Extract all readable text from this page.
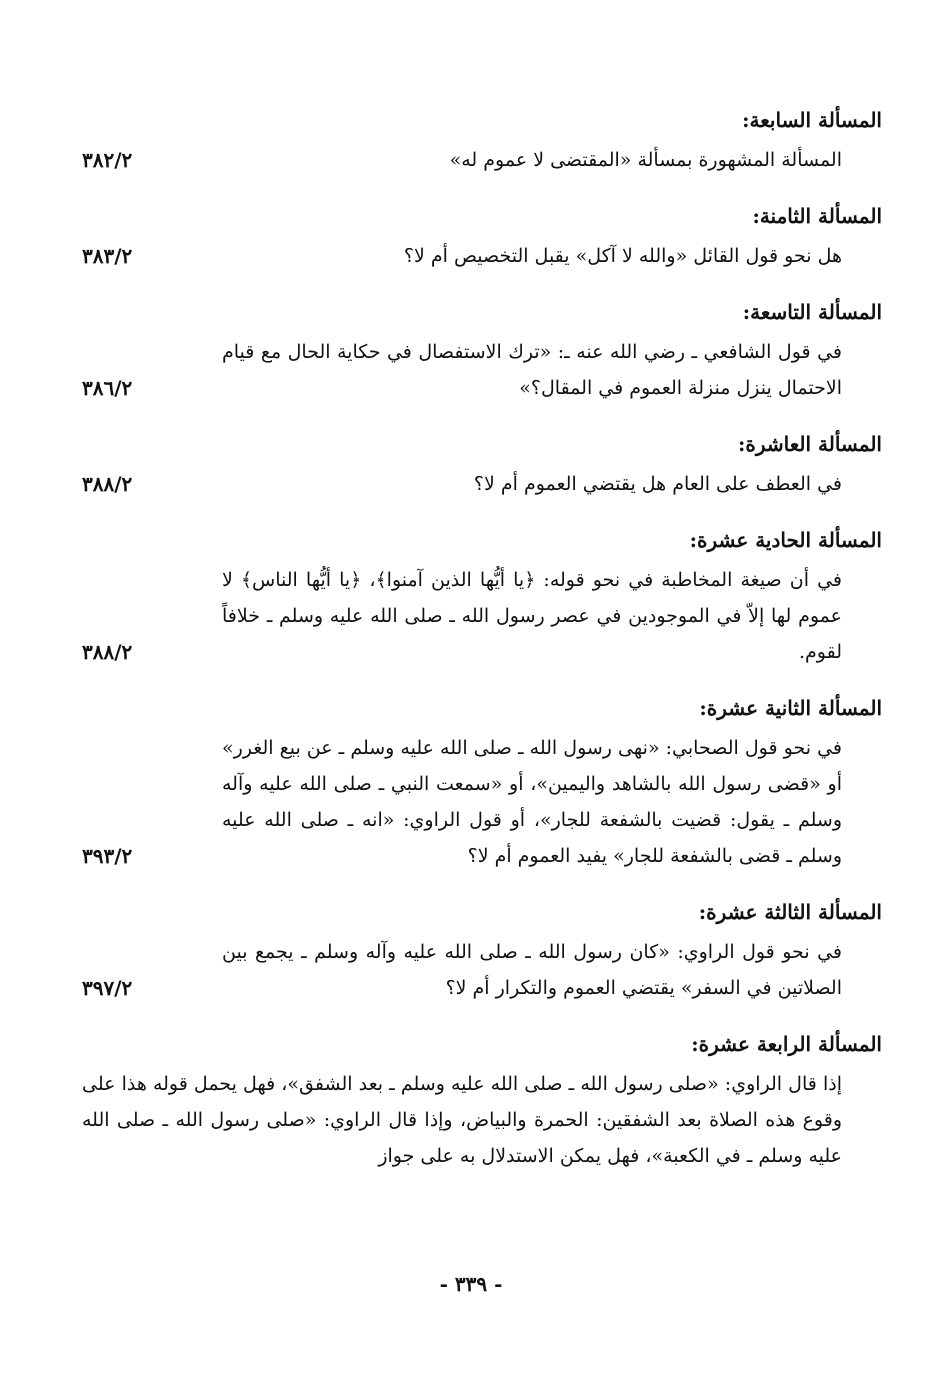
المسألة السابعة:
المسألة المشهورة بمسألة «المقتضى لا عموم له»
٣٨٢/٢
المسألة الثامنة:
هل نحو قول القائل «والله لا آكل» يقبل التخصيص أم لا؟
٣٨٣/٢
المسألة التاسعة:
في قول الشافعي ـ رضي الله عنه ـ: «ترك الاستفصال في حكاية الحال مع قيام الاحتمال ينزل منزلة العموم في المقال؟»
٣٨٦/٢
المسألة العاشرة:
في العطف على العام هل يقتضي العموم أم لا؟
٣٨٨/٢
المسألة الحادية عشرة:
في أن صيغة المخاطبة في نحو قوله: ﴿يا أيُّها الذين آمنوا﴾، ﴿يا أيُّها الناس﴾ لا عموم لها إلاّ في الموجودين في عصر رسول الله ـ صلى الله عليه وسلم ـ خلافاً لقوم.
٣٨٨/٢
المسألة الثانية عشرة:
في نحو قول الصحابي: «نهى رسول الله ـ صلى الله عليه وسلم ـ عن بيع الغرر» أو «قضى رسول الله بالشاهد واليمين»، أو «سمعت النبي ـ صلى الله عليه وآله وسلم ـ يقول: قضيت بالشفعة للجار»، أو قول الراوي: «انه ـ صلى الله عليه وسلم ـ قضى بالشفعة للجار» يفيد العموم أم لا؟
٣٩٣/٢
المسألة الثالثة عشرة:
في نحو قول الراوي: «كان رسول الله ـ صلى الله عليه وآله وسلم ـ يجمع بين الصلاتين في السفر» يقتضي العموم والتكرار أم لا؟
٣٩٧/٢
المسألة الرابعة عشرة:
إذا قال الراوي: «صلى رسول الله ـ صلى الله عليه وسلم ـ بعد الشفق»، فهل يحمل قوله هذا على وقوع هذه الصلاة بعد الشفقين: الحمرة والبياض، وإذا قال الراوي: «صلى رسول الله ـ صلى الله عليه وسلم ـ في الكعبة»، فهل يمكن الاستدلال به على جواز
- ٣٣٩ -
